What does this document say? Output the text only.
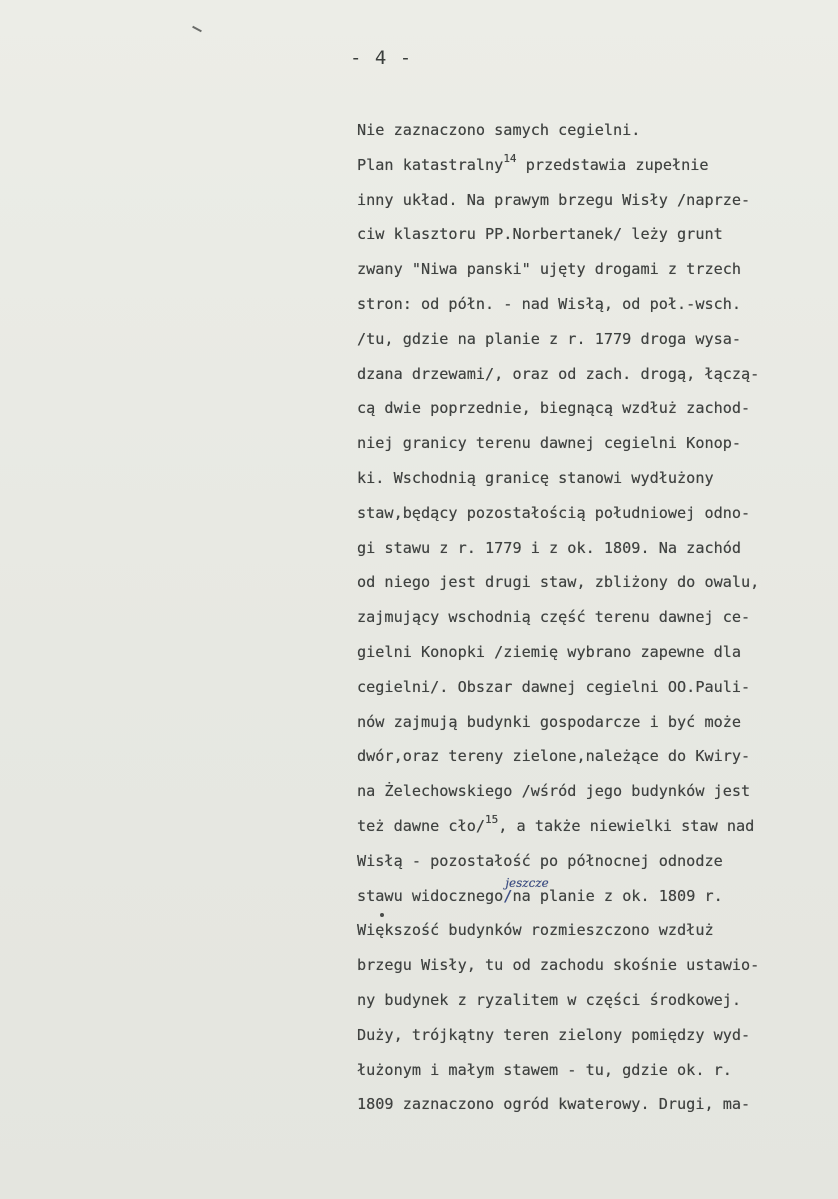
- 4 -
Nie zaznaczono samych cegielni.
Plan katastralny$^{14}$ przedstawia zupełnie
inny układ. Na prawym brzegu Wisły /naprze-
ciw klasztoru PP.Norbertanek/ leży grunt
zwany "Niwa panski" ujęty drogami z trzech
stron: od półn. - nad Wisłą, od poł.-wsch.
/tu, gdzie na planie z r. 1779 droga wysa-
dzana drzewami/, oraz od zach. drogą, łączą-
cą dwie poprzednie, biegnącą wzdłuż zachod-
niej granicy terenu dawnej cegielni Konop-
ki. Wschodnią granicę stanowi wydłużony
staw,będący pozostałością południowej odno-
gi stawu z r. 1779 i z ok. 1809. Na zachód
od niego jest drugi staw, zbliżony do owalu,
zajmujący wschodnią część terenu dawnej ce-
gielni Konopki /ziemię wybrano zapewne dla
cegielni/. Obszar dawnej cegielni OO.Pauli-
nów zajmują budynki gospodarcze i być może
dwór,oraz tereny zielone,należące do Kwiry-
na Żelechowskiego /wśród jego budynków jest
też dawne cło/$^{15}$, a także niewielki staw nad
Wisłą - pozostałość po północnej odnodze
stawu widocznego/
jeszcze
na planie z ok. 1809 r.
Większość budynków rozmieszczono wzdłuż
brzegu Wisły, tu od zachodu skośnie ustawio-
ny budynek z ryzalitem w części środkowej.
Duży, trójkątny teren zielony pomiędzy wyd-
łużonym i małym stawem - tu, gdzie ok. r.
1809 zaznaczono ogród kwaterowy. Drugi, ma-
